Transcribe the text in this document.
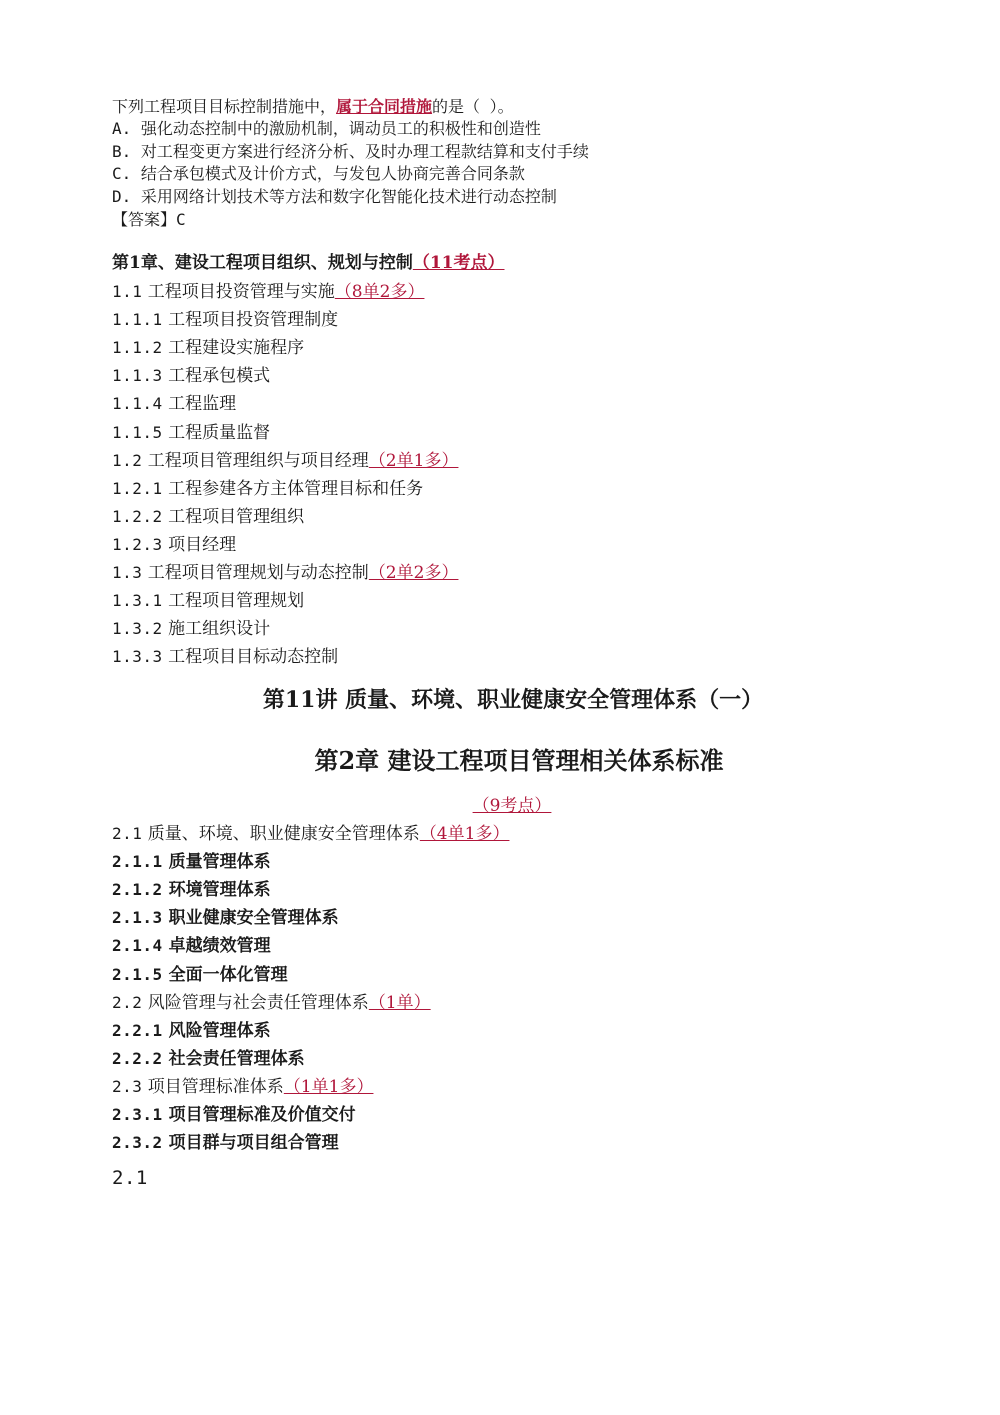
下列工程项目目标控制措施中，属于合同措施的是（ ）。
A. 强化动态控制中的激励机制，调动员工的积极性和创造性
B. 对工程变更方案进行经济分析、及时办理工程款结算和支付手续
C. 结合承包模式及计价方式，与发包人协商完善合同条款
D. 采用网络计划技术等方法和数字化智能化技术进行动态控制
【答案】C
第1章、建设工程项目组织、规划与控制（11考点）
1.1 工程项目投资管理与实施（8单2多）
1.1.1 工程项目投资管理制度
1.1.2 工程建设实施程序
1.1.3 工程承包模式
1.1.4 工程监理
1.1.5 工程质量监督
1.2 工程项目管理组织与项目经理（2单1多）
1.2.1 工程参建各方主体管理目标和任务
1.2.2 工程项目管理组织
1.2.3 项目经理
1.3 工程项目管理规划与动态控制（2单2多）
1.3.1 工程项目管理规划
1.3.2 施工组织设计
1.3.3 工程项目目标动态控制
第11讲 质量、环境、职业健康安全管理体系（一）
第2章 建设工程项目管理相关体系标准
（9考点）
2.1 质量、环境、职业健康安全管理体系（4单1多）
2.1.1 质量管理体系
2.1.2 环境管理体系
2.1.3 职业健康安全管理体系
2.1.4 卓越绩效管理
2.1.5 全面一体化管理
2.2 风险管理与社会责任管理体系（1单）
2.2.1 风险管理体系
2.2.2 社会责任管理体系
2.3 项目管理标准体系（1单1多）
2.3.1 项目管理标准及价值交付
2.3.2 项目群与项目组合管理
2.1
